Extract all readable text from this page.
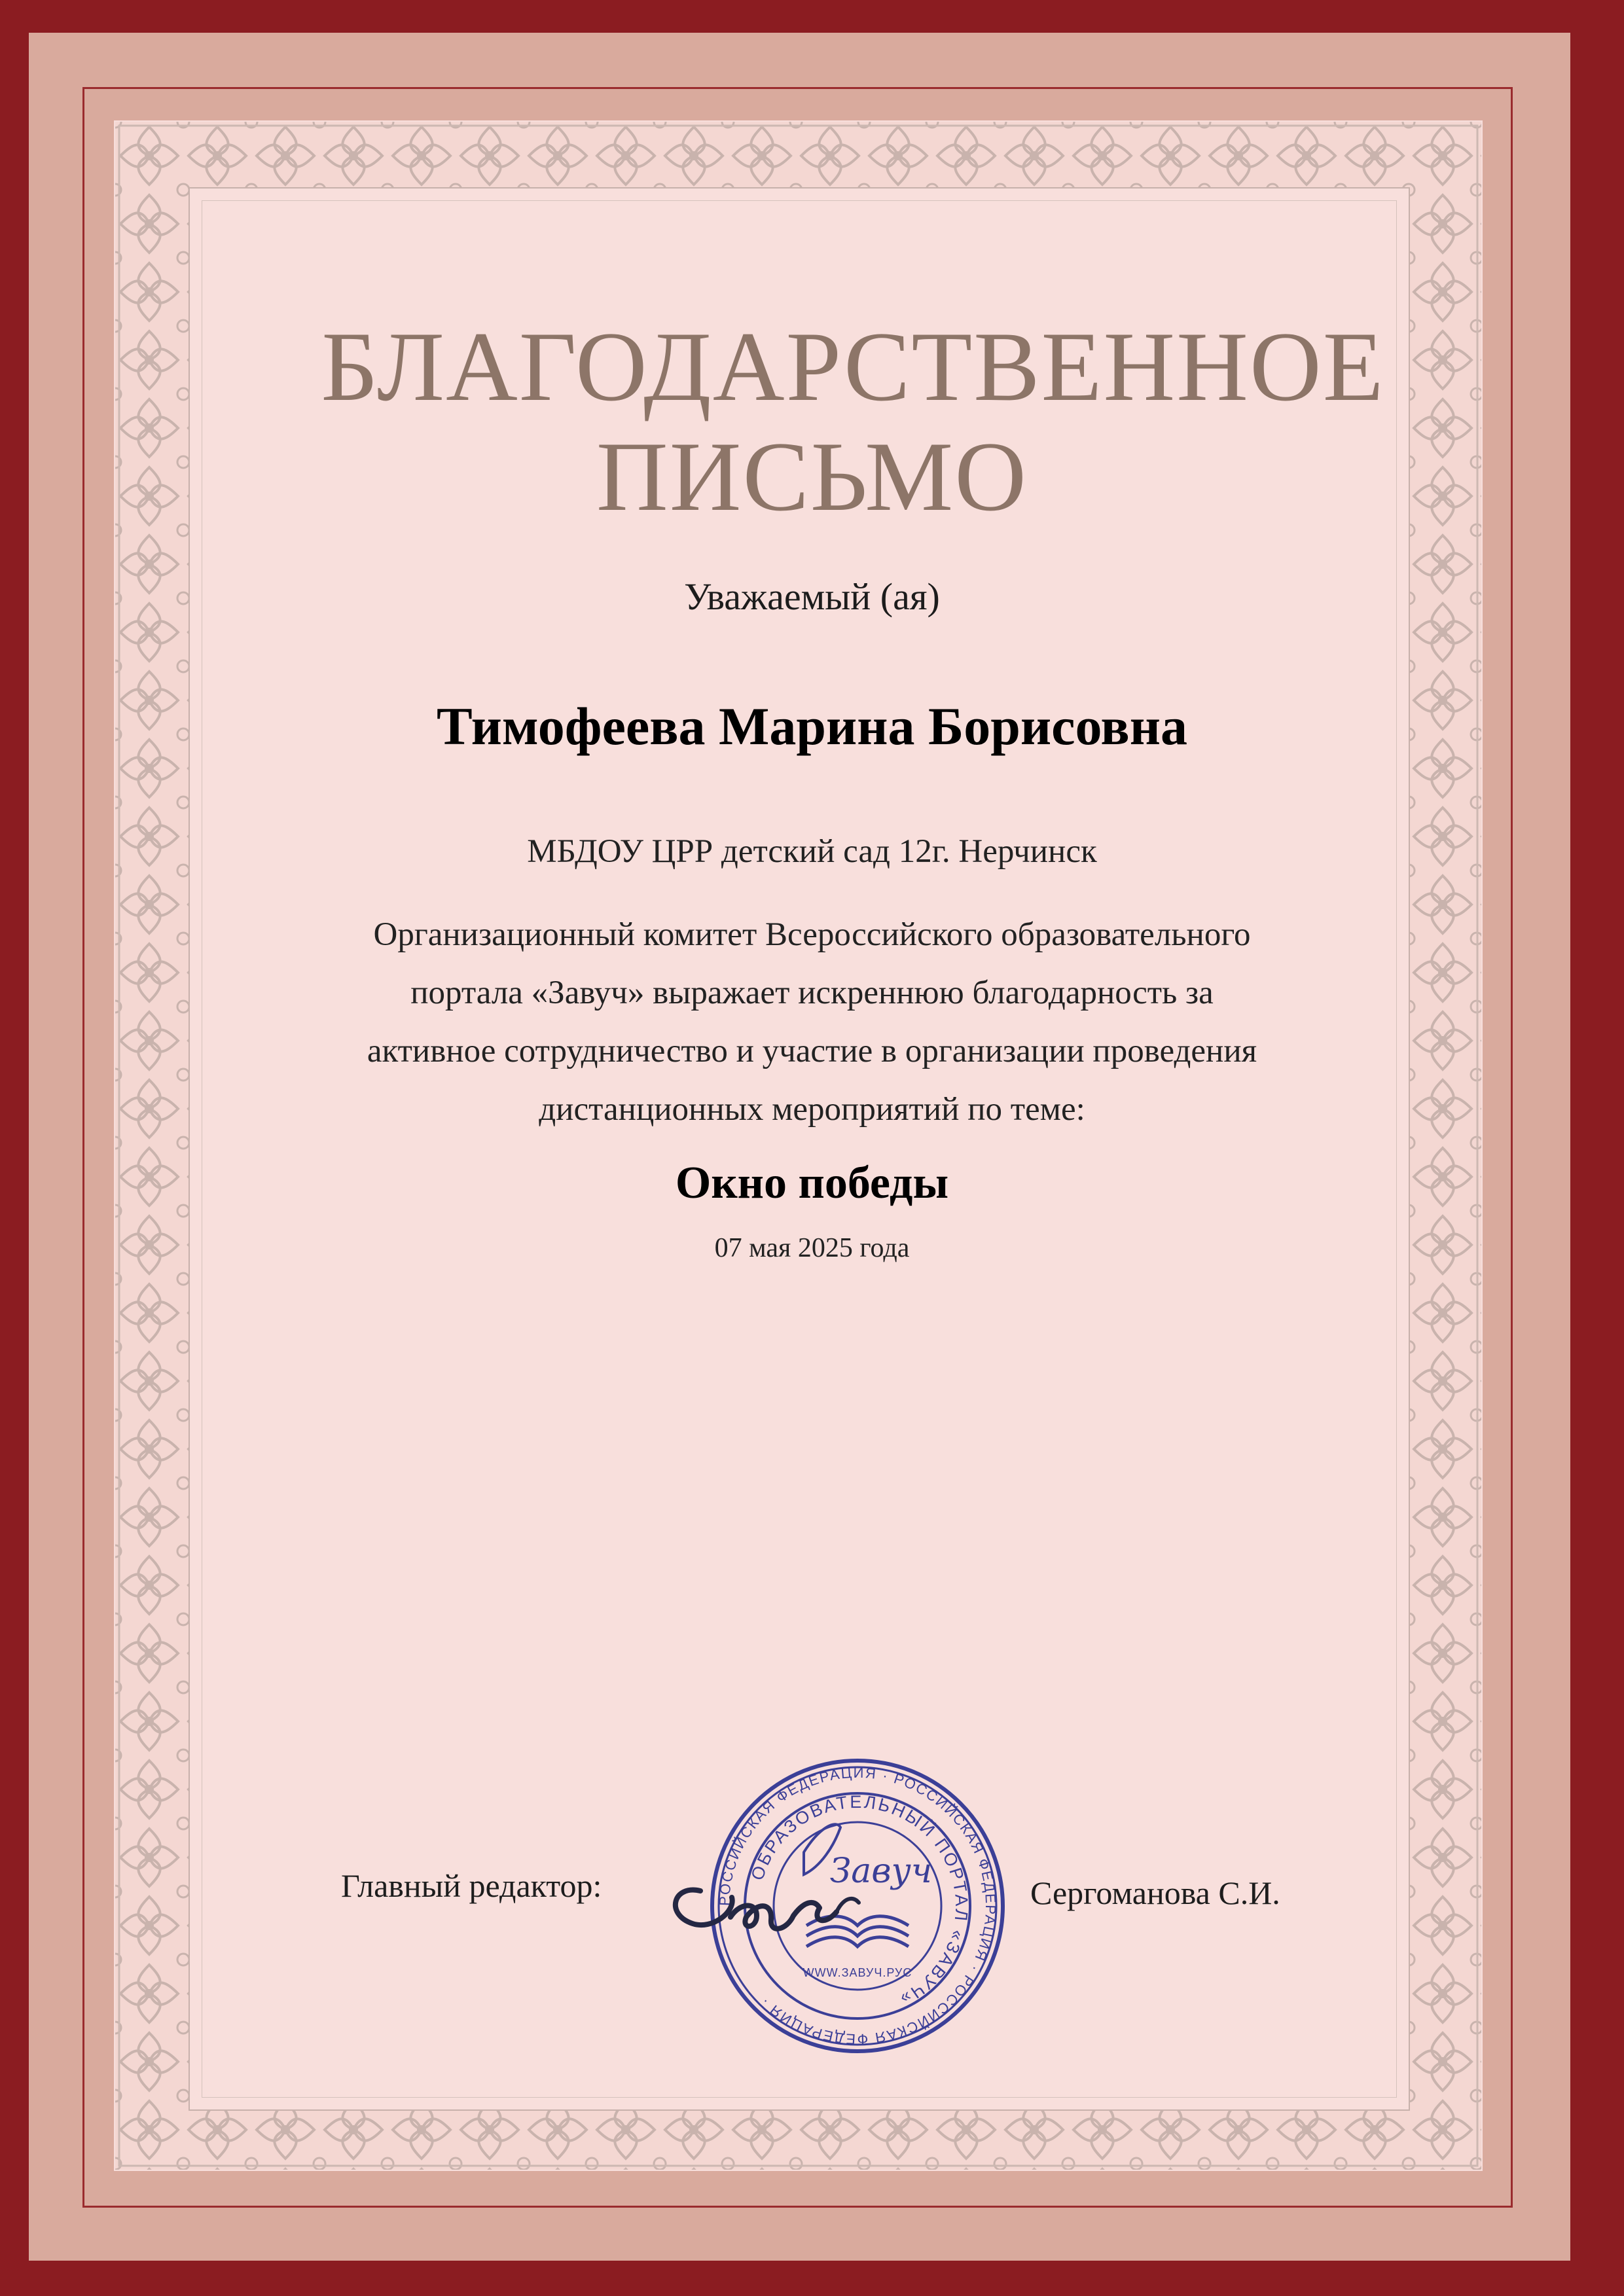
БЛАГОДАРСТВЕННОЕ ПИСЬМО
Уважаемый (ая)
Тимофеева Марина Борисовна
МБДОУ ЦРР детский сад 12г. Нерчинск
Организационный комитет Всероссийского образовательного
портала «Завуч» выражает искреннюю благодарность за
активное сотрудничество и участие в организации проведения
дистанционных мероприятий по теме:
Окно победы
07 мая 2025 года
Главный редактор:	Сергоманова С.И.
РОССИЙСКАЯ ФЕДЕРАЦИЯ · РОССИЙСКАЯ ФЕДЕРАЦИЯ · РОССИЙСКАЯ ФЕДЕРАЦИЯ ·
ОБРАЗОВАТЕЛЬНЫЙ ПОРТАЛ «ЗАВУЧ»
Завуч
WWW.ЗАВУЧ.РУС
